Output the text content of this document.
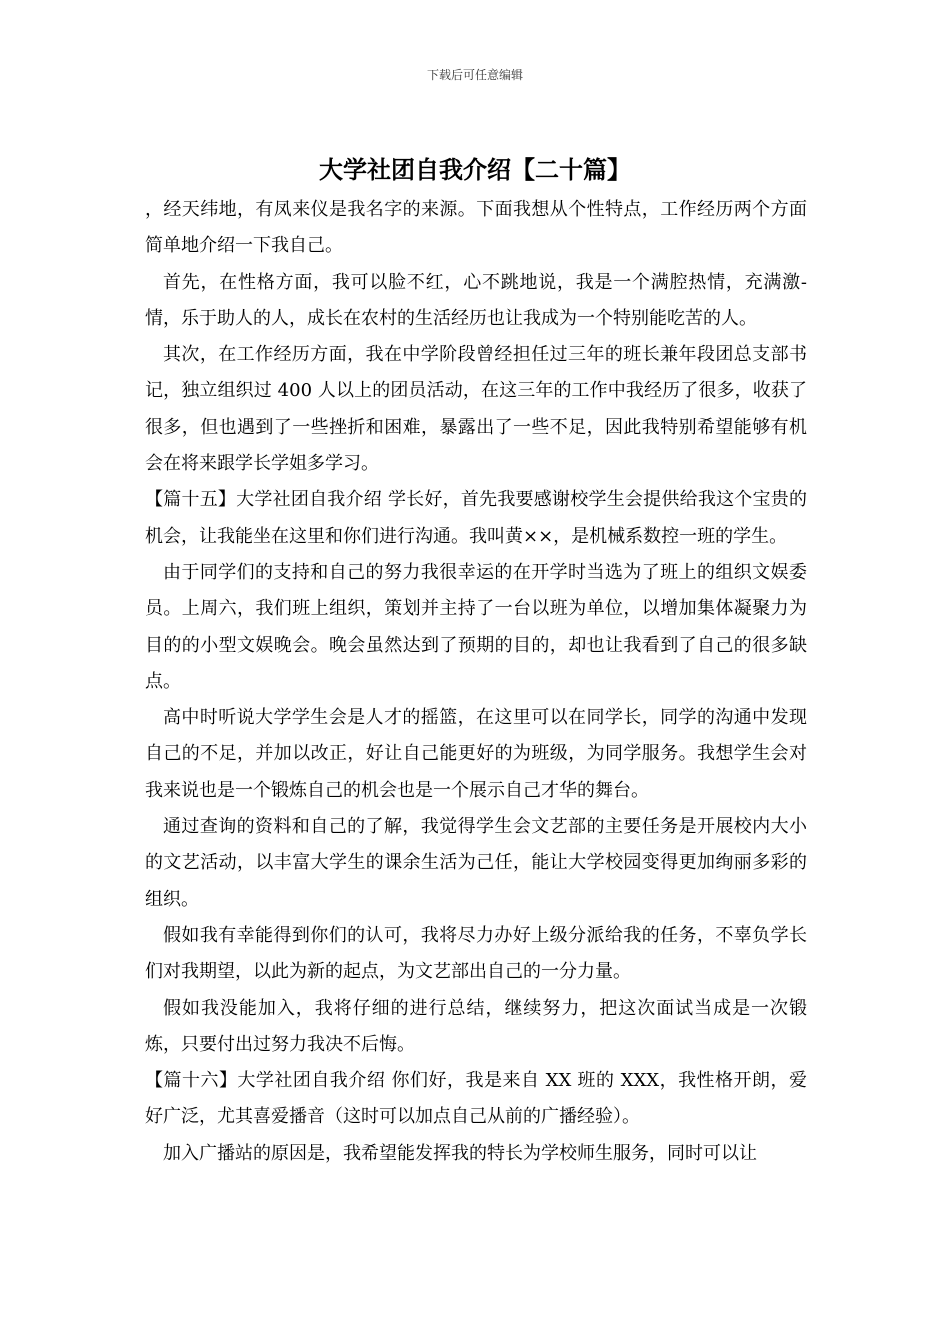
下载后可任意编辑
大学社团自我介绍【二十篇】

，经天纬地，有凤来仪是我名字的来源。下面我想从个性特点，工作经历两个方面简单地介绍一下我自己。

首先，在性格方面，我可以脸不红，心不跳地说，我是一个满腔热情，充满激-情，乐于助人的人，成长在农村的生活经历也让我成为一个特别能吃苦的人。

其次，在工作经历方面，我在中学阶段曾经担任过三年的班长兼年段团总支部书记，独立组织过 400 人以上的团员活动，在这三年的工作中我经历了很多，收获了很多，但也遇到了一些挫折和困难，暴露出了一些不足，因此我特别希望能够有机会在将来跟学长学姐多学习。

【篇十五】大学社团自我介绍 学长好，首先我要感谢校学生会提供给我这个宝贵的机会，让我能坐在这里和你们进行沟通。我叫黄××，是机械系数控一班的学生。

由于同学们的支持和自己的努力我很幸运的在开学时当选为了班上的组织文娱委员。上周六，我们班上组织，策划并主持了一台以班为单位，以增加集体凝聚力为目的的小型文娱晚会。晚会虽然达到了预期的目的，却也让我看到了自己的很多缺点。

高中时听说大学学生会是人才的摇篮，在这里可以在同学长，同学的沟通中发现自己的不足，并加以改正，好让自己能更好的为班级，为同学服务。我想学生会对我来说也是一个锻炼自己的机会也是一个展示自己才华的舞台。

通过查询的资料和自己的了解，我觉得学生会文艺部的主要任务是开展校内大小的文艺活动，以丰富大学生的课余生活为己任，能让大学校园变得更加绚丽多彩的组织。

假如我有幸能得到你们的认可，我将尽力办好上级分派给我的任务，不辜负学长们对我期望，以此为新的起点，为文艺部出自己的一分力量。

假如我没能加入，我将仔细的进行总结，继续努力，把这次面试当成是一次锻炼，只要付出过努力我决不后悔。

【篇十六】大学社团自我介绍 你们好，我是来自 XX 班的 XXX，我性格开朗，爱好广泛，尤其喜爱播音（这时可以加点自己从前的广播经验）。

加入广播站的原因是，我希望能发挥我的特长为学校师生服务，同时可以让
